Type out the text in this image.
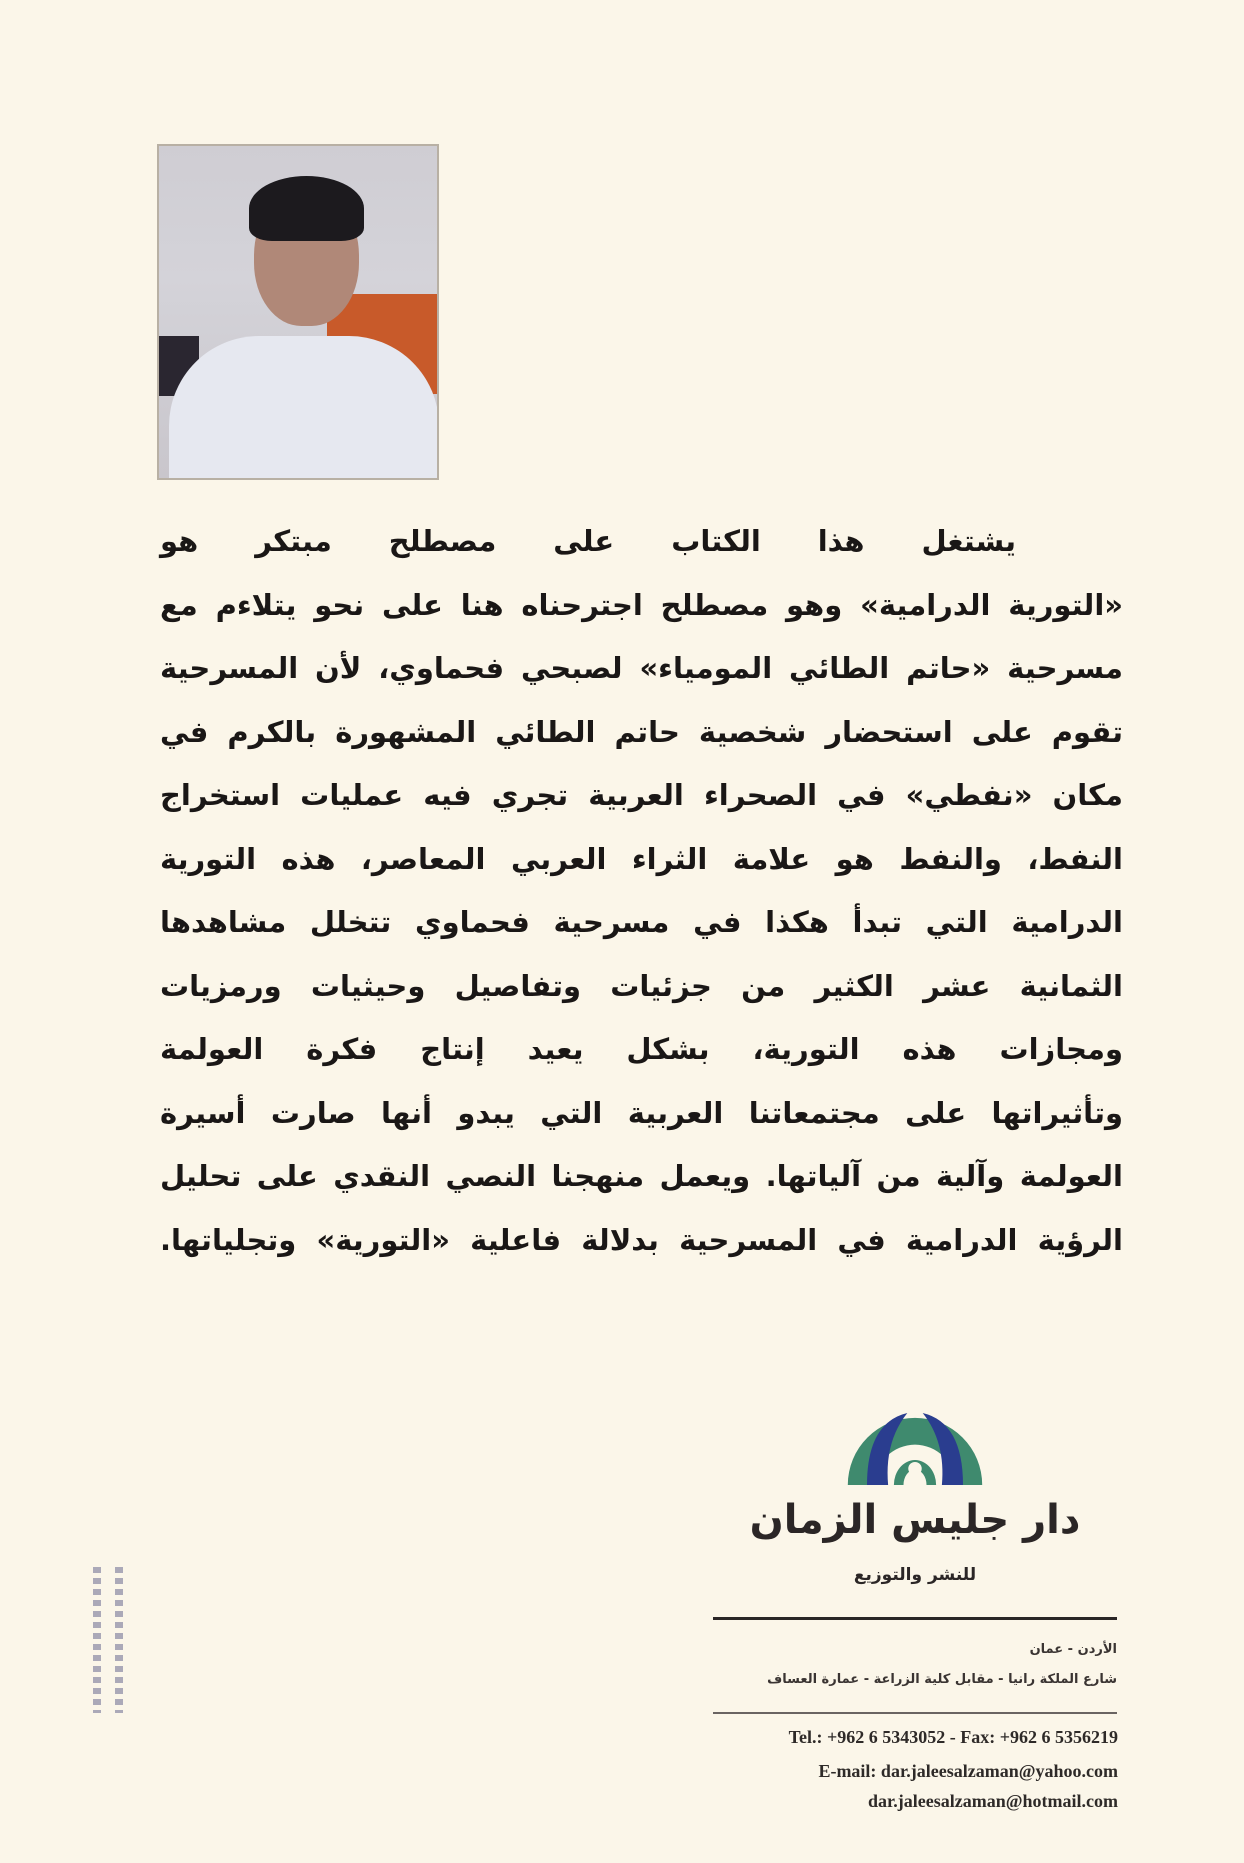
يشتغل هذا الكتاب على مصطلح مبتكر هو
«التورية الدرامية» وهو مصطلح اجترحناه هنا على نحو يتلاءم مع
مسرحية «حاتم الطائي المومياء» لصبحي فحماوي، لأن المسرحية
تقوم على استحضار شخصية حاتم الطائي المشهورة بالكرم في
مكان «نفطي» في الصحراء العربية تجري فيه عمليات استخراج
النفط، والنفط هو علامة الثراء العربي المعاصر، هذه التورية
الدرامية التي تبدأ هكذا في مسرحية فحماوي تتخلل مشاهدها
الثمانية عشر الكثير من جزئيات وتفاصيل وحيثيات ورمزيات
ومجازات هذه التورية، بشكل يعيد إنتاج فكرة العولمة
وتأثيراتها على مجتمعاتنا العربية التي يبدو أنها صارت أسيرة
العولمة وآلية من آلياتها. ويعمل منهجنا النصي النقدي على تحليل
الرؤية الدرامية في المسرحية بدلالة فاعلية «التورية» وتجلياتها.
دار جليس الزمان
للنشر والتوزيع
الأردن - عمان
شارع الملكة رانيا - مقابل كلية الزراعة - عمارة العساف
Tel.: +962 6 5343052 - Fax: +962 6 5356219
E-mail: dar.jaleesalzaman@yahoo.com
dar.jaleesalzaman@hotmail.com
